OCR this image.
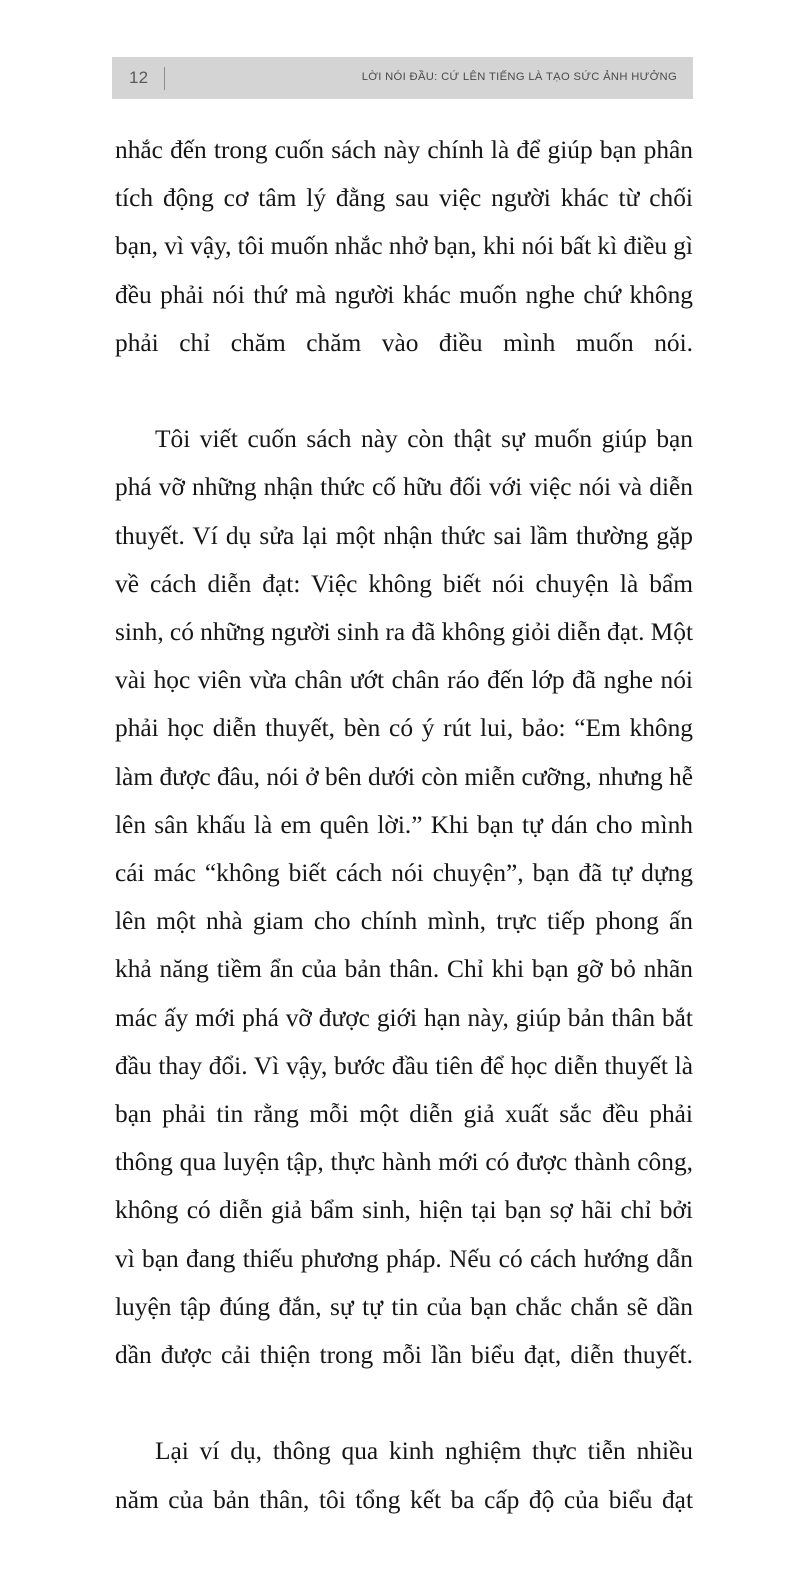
12	LỜI NÓI ĐẦU: CỨ LÊN TIẾNG LÀ TẠO SỨC ẢNH HƯỞNG

nhắc đến trong cuốn sách này chính là để giúp bạn phân tích động cơ tâm lý đằng sau việc người khác từ chối bạn, vì vậy, tôi muốn nhắc nhở bạn, khi nói bất kì điều gì đều phải nói thứ mà người khác muốn nghe chứ không phải chỉ chăm chăm vào điều mình muốn nói.

Tôi viết cuốn sách này còn thật sự muốn giúp bạn phá vỡ những nhận thức cố hữu đối với việc nói và diễn thuyết. Ví dụ sửa lại một nhận thức sai lầm thường gặp về cách diễn đạt: Việc không biết nói chuyện là bẩm sinh, có những người sinh ra đã không giỏi diễn đạt. Một vài học viên vừa chân ướt chân ráo đến lớp đã nghe nói phải học diễn thuyết, bèn có ý rút lui, bảo: “Em không làm được đâu, nói ở bên dưới còn miễn cưỡng, nhưng hễ lên sân khấu là em quên lời.” Khi bạn tự dán cho mình cái mác “không biết cách nói chuyện”, bạn đã tự dựng lên một nhà giam cho chính mình, trực tiếp phong ấn khả năng tiềm ẩn của bản thân. Chỉ khi bạn gỡ bỏ nhãn mác ấy mới phá vỡ được giới hạn này, giúp bản thân bắt đầu thay đổi. Vì vậy, bước đầu tiên để học diễn thuyết là bạn phải tin rằng mỗi một diễn giả xuất sắc đều phải thông qua luyện tập, thực hành mới có được thành công, không có diễn giả bẩm sinh, hiện tại bạn sợ hãi chỉ bởi vì bạn đang thiếu phương pháp. Nếu có cách hướng dẫn luyện tập đúng đắn, sự tự tin của bạn chắc chắn sẽ dần dần được cải thiện trong mỗi lần biểu đạt, diễn thuyết.

Lại ví dụ, thông qua kinh nghiệm thực tiễn nhiều năm của bản thân, tôi tổng kết ba cấp độ của biểu đạt
